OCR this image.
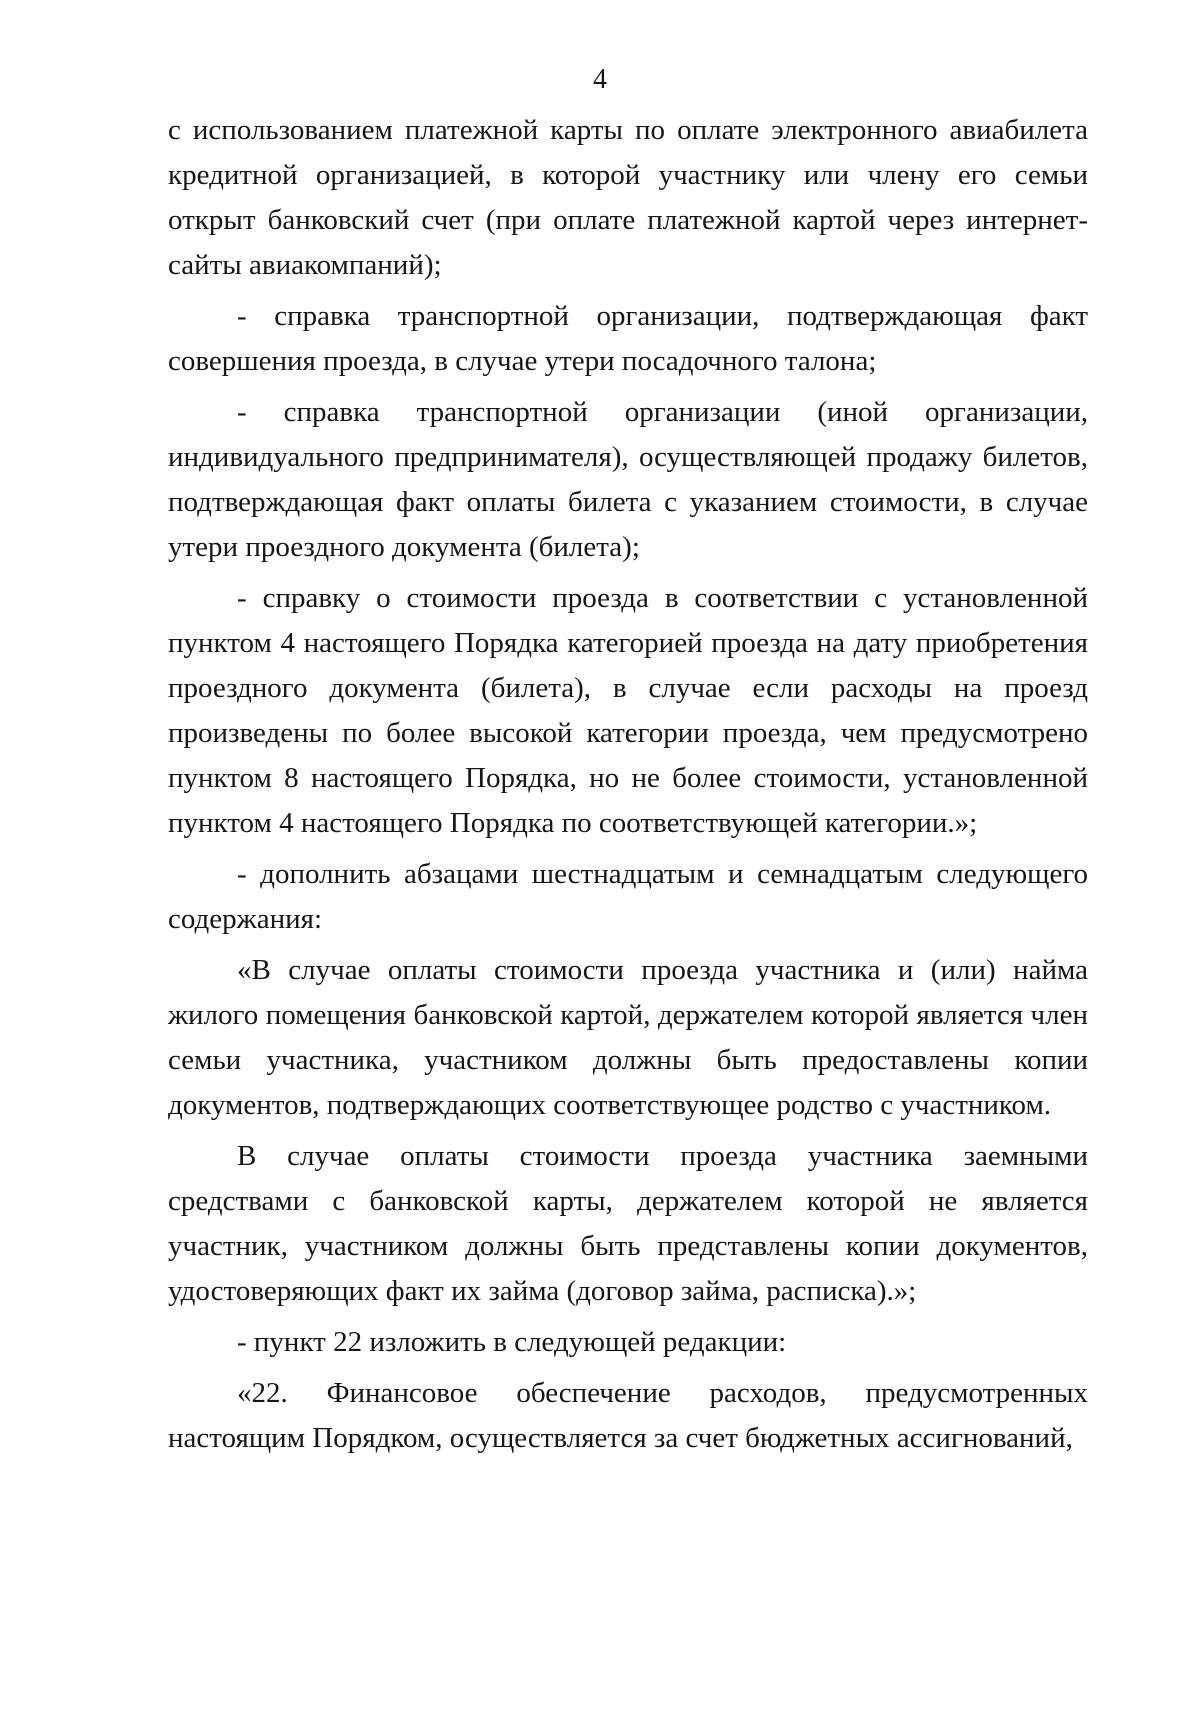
4

с использованием платежной карты по оплате электронного авиабилета кредитной организацией, в которой участнику или члену его семьи открыт банковский счет (при оплате платежной картой через интернет-сайты авиакомпаний);

- справка транспортной организации, подтверждающая факт совершения проезда, в случае утери посадочного талона;

- справка транспортной организации (иной организации, индивидуального предпринимателя), осуществляющей продажу билетов, подтверждающая факт оплаты билета с указанием стоимости, в случае утери проездного документа (билета);

- справку о стоимости проезда в соответствии с установленной пунктом 4 настоящего Порядка категорией проезда на дату приобретения проездного документа (билета), в случае если расходы на проезд произведены по более высокой категории проезда, чем предусмотрено пунктом 8 настоящего Порядка, но не более стоимости, установленной пунктом 4 настоящего Порядка по соответствующей категории.»;

- дополнить абзацами шестнадцатым и семнадцатым следующего содержания:

«В случае оплаты стоимости проезда участника и (или) найма жилого помещения банковской картой, держателем которой является член семьи участника, участником должны быть предоставлены копии документов, подтверждающих соответствующее родство с участником.

В случае оплаты стоимости проезда участника заемными средствами с банковской карты, держателем которой не является участник, участником должны быть представлены копии документов, удостоверяющих факт их займа (договор займа, расписка).»;

- пункт 22 изложить в следующей редакции:

«22. Финансовое обеспечение расходов, предусмотренных настоящим Порядком, осуществляется за счет бюджетных ассигнований,
